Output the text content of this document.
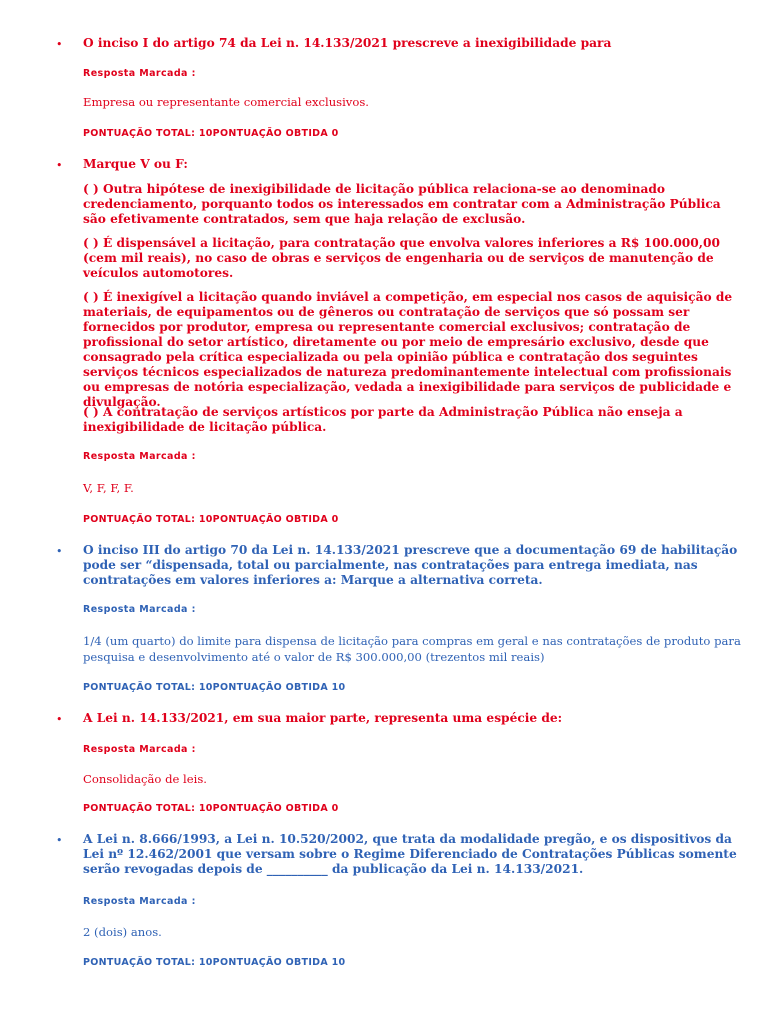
• O inciso I do artigo 74 da Lei n. 14.133/2021 prescreve a inexigibilidade para

Resposta Marcada :

Empresa ou representante comercial exclusivos.

PONTUAÇÃO TOTAL: 10PONTUAÇÃO OBTIDA 0
• Marque V ou F:

( ) Outra hipótese de inexigibilidade de licitação pública relaciona-se ao denominado credenciamento, porquanto todos os interessados em contratar com a Administração Pública são efetivamente contratados, sem que haja relação de exclusão.

( ) É dispensável a licitação, para contratação que envolva valores inferiores a R$ 100.000,00 (cem mil reais), no caso de obras e serviços de engenharia ou de serviços de manutenção de veículos automotores.

( ) É inexigível a licitação quando inviável a competição, em especial nos casos de aquisição de materiais, de equipamentos ou de gêneros ou contratação de serviços que só possam ser fornecidos por produtor, empresa ou representante comercial exclusivos; contratação de profissional do setor artístico, diretamente ou por meio de empresário exclusivo, desde que consagrado pela crítica especializada ou pela opinião pública e contratação dos seguintes serviços técnicos especializados de natureza predominantemente intelectual com profissionais ou empresas de notória especialização, vedada a inexigibilidade para serviços de publicidade e divulgação.

( ) A contratação de serviços artísticos por parte da Administração Pública não enseja a inexigibilidade de licitação pública.

Resposta Marcada :

V, F, F, F.

PONTUAÇÃO TOTAL: 10PONTUAÇÃO OBTIDA 0
• O inciso III do artigo 70 da Lei n. 14.133/2021 prescreve que a documentação 69 de habilitação pode ser “dispensada, total ou parcialmente, nas contratações para entrega imediata, nas contratações em valores inferiores a: Marque a alternativa correta.

Resposta Marcada :

1/4 (um quarto) do limite para dispensa de licitação para compras em geral e nas contratações de produto para pesquisa e desenvolvimento até o valor de R$ 300.000,00 (trezentos mil reais)

PONTUAÇÃO TOTAL: 10PONTUAÇÃO OBTIDA 10
• A Lei n. 14.133/2021, em sua maior parte, representa uma espécie de:

Resposta Marcada :

Consolidação de leis.

PONTUAÇÃO TOTAL: 10PONTUAÇÃO OBTIDA 0
• A Lei n. 8.666/1993, a Lei n. 10.520/2002, que trata da modalidade pregão, e os dispositivos da Lei nº 12.462/2001 que versam sobre o Regime Diferenciado de Contratações Públicas somente serão revogadas depois de __________ da publicação da Lei n. 14.133/2021.

Resposta Marcada :

2 (dois) anos.

PONTUAÇÃO TOTAL: 10PONTUAÇÃO OBTIDA 10
